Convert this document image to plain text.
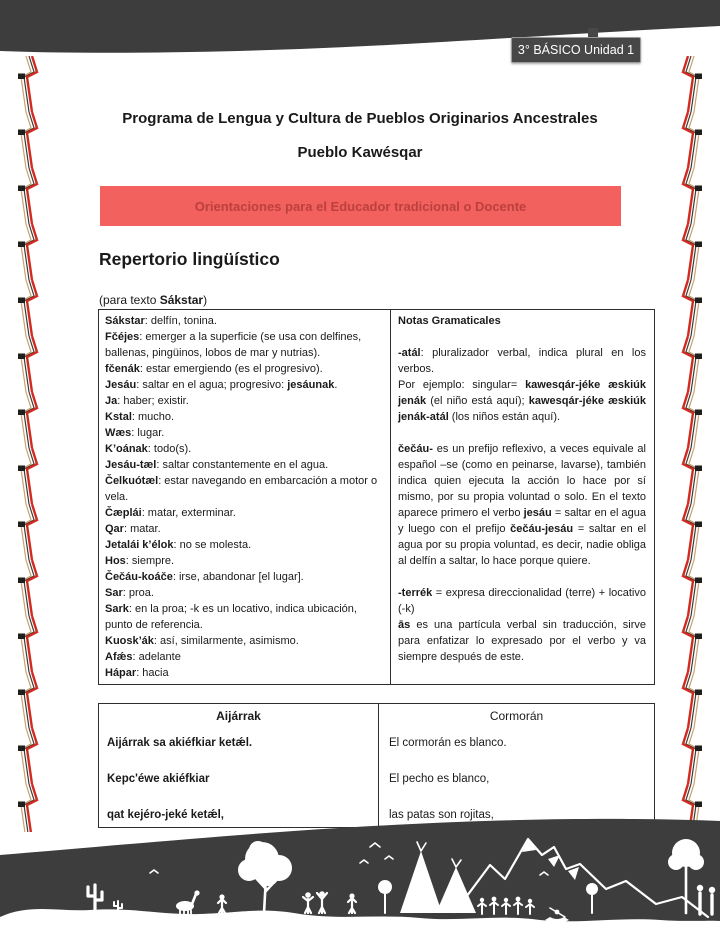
3° BÁSICO Unidad 1
Programa de Lengua y Cultura de Pueblos Originarios Ancestrales
Pueblo Kawésqar
Orientaciones para el Educador tradicional o Docente
Repertorio lingüístico
(para texto Sákstar)
Sákstar: delfín, tonina.
Fčéjes: emerger a la superficie (se usa con delfines, ballenas, pingüinos, lobos de mar y nutrias).
fčenák: estar emergiendo (es el progresivo).
Jesáu: saltar en el agua; progresivo: jesáunak.
Ja: haber; existir.
Kstal: mucho.
Wæs: lugar.
K’oának: todo(s).
Jesáu-tæl: saltar constantemente en el agua.
Čelkuótæl: estar navegando en embarcación a motor o vela.
Čæplái: matar, exterminar.
Qar: matar.
Jetalái k’élok: no se molesta.
Hos: siempre.
Čečáu-koáče: irse, abandonar [el lugar].
Sar: proa.
Sark: en la proa; -k es un locativo, indica ubicación, punto de referencia.
Kuosk’ák: así, similarmente, asimismo.
Afǽs: adelante
Hápar: hacia
Notas Gramaticales

-atál: pluralizador verbal, indica plural en los verbos.
Por ejemplo: singular= kawesqár-jéke æskiúk jenák (el niño está aquí); kawesqár-jéke æskiúk jenák-atál (los niños están aquí).

čečáu- es un prefijo reflexivo, a veces equivale al español –se (como en peinarse, lavarse), también indica quien ejecuta la acción lo hace por sí mismo, por su propia voluntad o solo. En el texto aparece primero el verbo jesáu = saltar en el agua y luego con el prefijo čečáu-jesáu = saltar en el agua por su propia voluntad, es decir, nadie obliga al delfín a saltar, lo hace porque quiere.

-terrék = expresa direccionalidad (terre) + locativo (-k)
ās es una partícula verbal sin traducción, sirve para enfatizar lo expresado por el verbo y va siempre después de este.
Aijárrak
Aijárrak sa akiéfkiar ketǽl.
Kepc'éwe akiéfkiar
qat kejéro-jeké ketǽl,
Cormorán
El cormorán es blanco.
El pecho es blanco,
las patas son rojitas,
